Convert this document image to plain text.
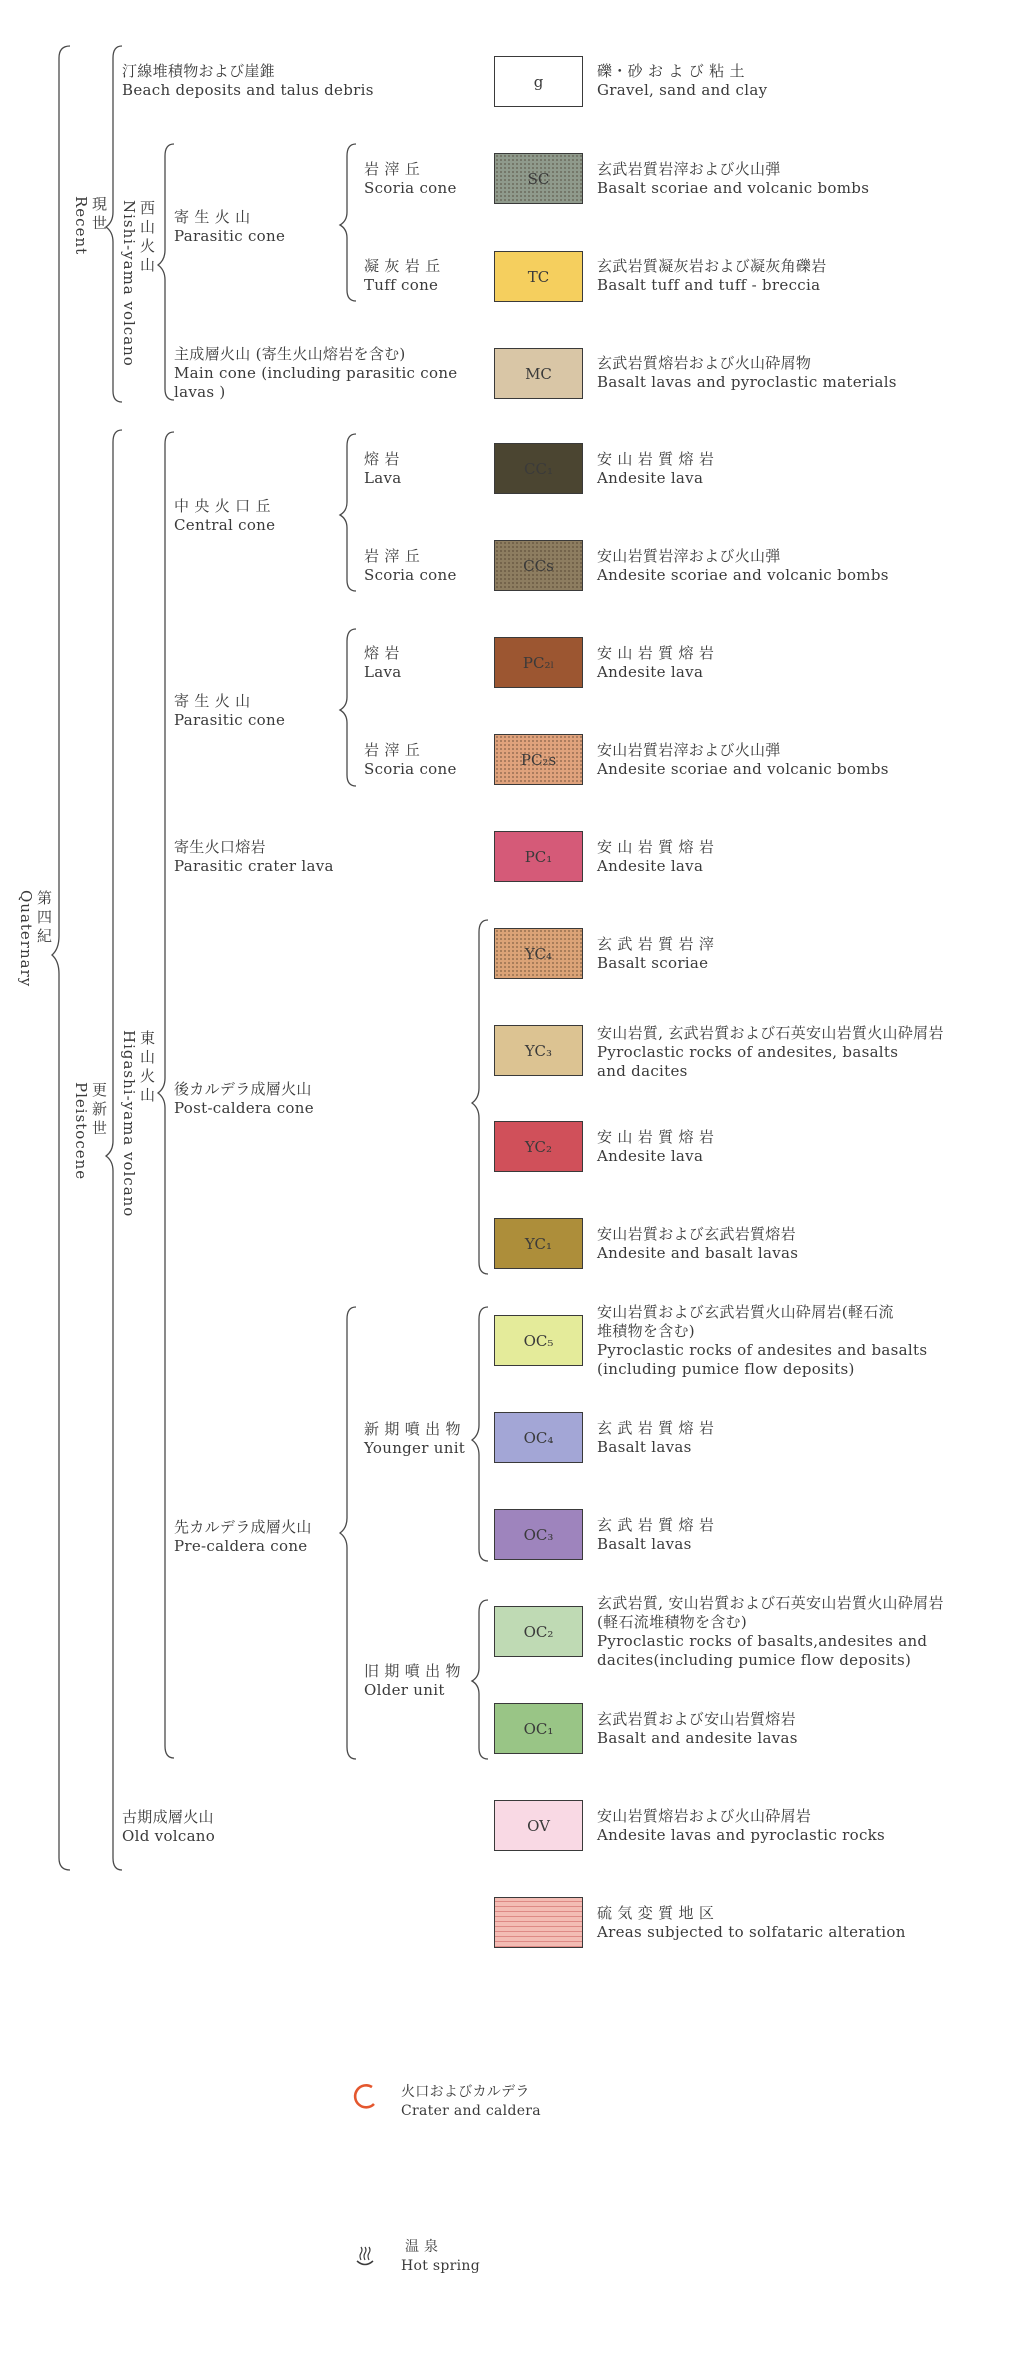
第四紀
Quaternary
現世
Recent
更新世
Pleistocene
西山火山
Nishi-yama volcano
東山火山
Higashi-yama volcano
汀線堆積物および崖錐
Beach deposits and talus debris
寄 生 火 山
Parasitic cone
主成層火山 (寄生火山熔岩を含む)
Main cone (including parasitic cone
lavas )
中 央 火 口 丘
Central cone
寄 生 火 山
Parasitic cone
寄生火口熔岩
Parasitic crater lava
後カルデラ成層火山
Post-caldera cone
先カルデラ成層火山
Pre-caldera cone
新 期 噴 出 物
Younger unit
旧 期 噴 出 物
Older unit
古期成層火山
Old volcano
岩 滓 丘
Scoria cone
凝 灰 岩 丘
Tuff cone
熔 岩
Lava
岩 滓 丘
Scoria cone
熔 岩
Lava
岩 滓 丘
Scoria cone
g
礫・砂 お よ び 粘 土
Gravel, sand and clay
SC
玄武岩質岩滓および火山弾
Basalt scoriae and volcanic bombs
TC
玄武岩質凝灰岩および凝灰角礫岩
Basalt tuff and tuff - breccia
MC
玄武岩質熔岩および火山砕屑物
Basalt lavas and pyroclastic materials
CC₁
安 山 岩 質 熔 岩
Andesite lava
CCs
安山岩質岩滓および火山弾
Andesite scoriae and volcanic bombs
PC₂ₗ
安 山 岩 質 熔 岩
Andesite lava
PC₂s
安山岩質岩滓および火山弾
Andesite scoriae and volcanic bombs
PC₁
安 山 岩 質 熔 岩
Andesite lava
YC₄
玄 武 岩 質 岩 滓
Basalt scoriae
YC₃
安山岩質, 玄武岩質および石英安山岩質火山砕屑岩
Pyroclastic rocks of andesites, basalts
and dacites
YC₂
安 山 岩 質 熔 岩
Andesite lava
YC₁
安山岩質および玄武岩質熔岩
Andesite and basalt lavas
OC₅
安山岩質および玄武岩質火山砕屑岩(軽石流
堆積物を含む)
Pyroclastic rocks of andesites and basalts
(including pumice flow deposits)
OC₄
玄 武 岩 質 熔 岩
Basalt lavas
OC₃
玄 武 岩 質 熔 岩
Basalt lavas
OC₂
玄武岩質, 安山岩質および石英安山岩質火山砕屑岩
(軽石流堆積物を含む)
Pyroclastic rocks of basalts,andesites and
dacites(including pumice flow deposits)
OC₁
玄武岩質および安山岩質熔岩
Basalt and andesite lavas
OV
安山岩質熔岩および火山砕屑岩
Andesite lavas and pyroclastic rocks
硫 気 変 質 地 区
Areas subjected to solfataric alteration
火口およびカルデラ
Crater and caldera
温 泉
Hot spring
